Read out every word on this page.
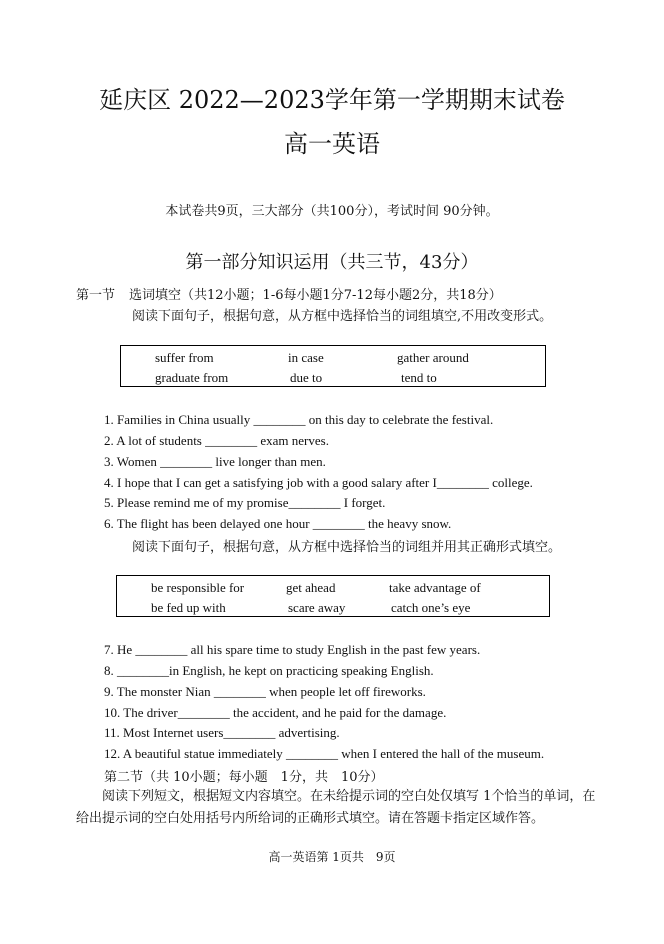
延庆区 2022—2023学年第一学期期末试卷
高一英语
本试卷共9页，三大部分（共100分），考试时间 90分钟。
第一部分知识运用（共三节，43分）
第一节 选词填空（共12小题；1-6每小题1分7-12每小题2分，共18分）
阅读下面句子，根据句意，从方框中选择恰当的词组填空,不用改变形式。
suffer from	in case	gather around
graduate from	due to	tend to
1. Families in China usually ________ on this day to celebrate the festival.
2. A lot of students ________ exam nerves.
3. Women ________ live longer than men.
4. I hope that I can get a satisfying job with a good salary after I________ college.
5. Please remind me of my promise________ I forget.
6. The flight has been delayed one hour ________ the heavy snow.
阅读下面句子，根据句意，从方框中选择恰当的词组并用其正确形式填空。
be responsible for	get ahead	take advantage of
be fed up with	scare away	catch one’s eye
7. He ________ all his spare time to study English in the past few years.
8. ________in English, he kept on practicing speaking English.
9. The monster Nian ________ when people let off fireworks.
10. The driver________ the accident, and he paid for the damage.
11. Most Internet users________ advertising.
12. A beautiful statue immediately ________ when I entered the hall of the museum.
第二节（共 10小题；每小题　1分，共　10分）
阅读下列短文，根据短文内容填空。在未给提示词的空白处仅填写 1个恰当的单词，在给出提示词的空白处用括号内所给词的正确形式填空。请在答题卡指定区域作答。
高一英语第 1页共　9页
